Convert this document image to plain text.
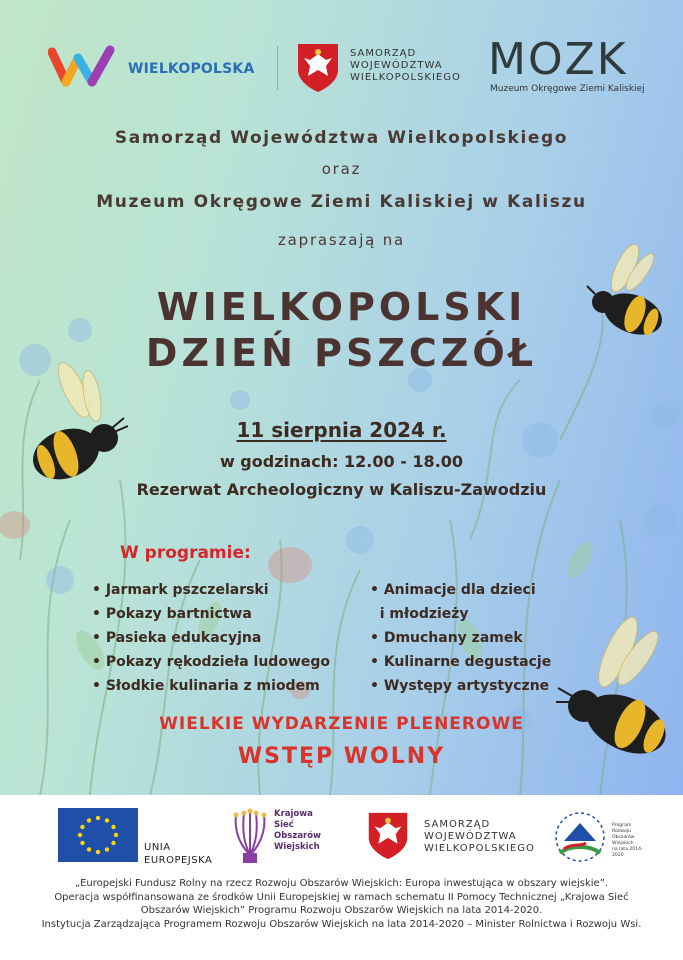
WIELKOPOLSKA
SAMORZĄD
WOJEWÓDZTWA
WIELKOPOLSKIEGO MOZK
Muzeum Okręgowe Ziemi Kaliskiej
Samorząd Województwa Wielkopolskiego
oraz
Muzeum Okręgowe Ziemi Kaliskiej w Kaliszu
zapraszają na
WIELKOPOLSKI
DZIEŃ PSZCZÓŁ
11 sierpnia 2024 r.
w godzinach: 12.00 - 18.00
Rezerwat Archeologiczny w Kaliszu-Zawodziu
W programie:
• Jarmark pszczelarski
• Pokazy bartnictwa
• Pasieka edukacyjna
• Pokazy rękodzieła ludowego
• Słodkie kulinaria z miodem
• Animacje dla dzieci
i młodzieży
• Dmuchany zamek
• Kulinarne degustacje
• Występy artystyczne
WIELKIE WYDARZENIE PLENEROWE
WSTĘP WOLNY
UNIA
EUROPEJSKA
Krajowa
Sieć
Obszarów
Wiejskich
SAMORZĄD
WOJEWÓDZTWA
WIELKOPOLSKIEGO
Program
Rozwoju
Obszarów
Wiejskich
na lata 2014-2020
„Europejski Fundusz Rolny na rzecz Rozwoju Obszarów Wiejskich: Europa inwestująca w obszary wiejskie”.
Operacja współfinansowana ze środków Unii Europejskiej w ramach schematu II Pomocy Technicznej „Krajowa Sieć
Obszarów Wiejskich” Programu Rozwoju Obszarów Wiejskich na lata 2014-2020.
Instytucja Zarządzająca Programem Rozwoju Obszarów Wiejskich na lata 2014-2020 – Minister Rolnictwa i Rozwoju Wsi.
